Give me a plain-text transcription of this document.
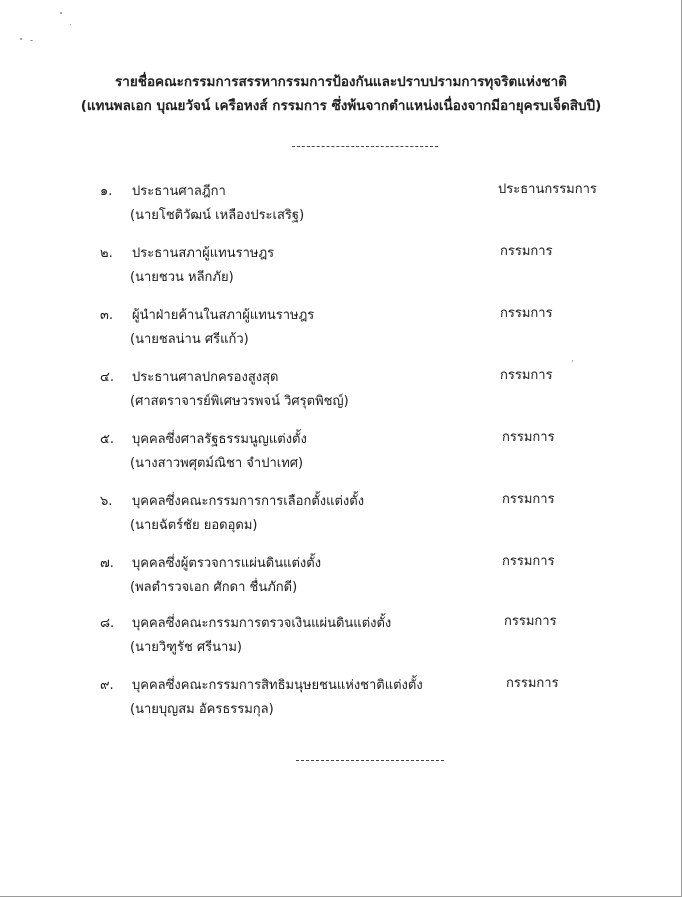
รายชื่อคณะกรรมการสรรหากรรมการป้องกันและปราบปรามการทุจริตแห่งชาติ
(แทนพลเอก บุณยวัจน์ เครือหงส์ กรรมการ ซึ่งพ้นจากตำแหน่งเนื่องจากมีอายุครบเจ็ดสิบปี)
๑. ประธานศาลฎีกา
(นายโชติวัฒน์ เหลืองประเสริฐ)
ประธานกรรมการ
๒. ประธานสภาผู้แทนราษฎร
(นายชวน หลีกภัย)
กรรมการ
๓. ผู้นำฝ่ายค้านในสภาผู้แทนราษฎร
(นายชลน่าน ศรีแก้ว)
กรรมการ
๔. ประธานศาลปกครองสูงสุด
(ศาสตราจารย์พิเศษวรพจน์ วิศรุตพิชญ์)
กรรมการ
๕. บุคคลซึ่งศาลรัฐธรรมนูญแต่งตั้ง
(นางสาวพศุตม์ณิชา จำปาเทศ)
กรรมการ
๖. บุคคลซึ่งคณะกรรมการการเลือกตั้งแต่งตั้ง
(นายฉัตร์ชัย ยอดอุดม)
กรรมการ
๗. บุคคลซึ่งผู้ตรวจการแผ่นดินแต่งตั้ง
(พลตำรวจเอก ศักดา ชื่นภักดี)
กรรมการ
๘. บุคคลซึ่งคณะกรรมการตรวจเงินแผ่นดินแต่งตั้ง
(นายวิฑูรัช ศรีนาม)
กรรมการ
๙. บุคคลซึ่งคณะกรรมการสิทธิมนุษยชนแห่งชาติแต่งตั้ง
(นายบุญสม อัครธรรมกุล)
กรรมการ
